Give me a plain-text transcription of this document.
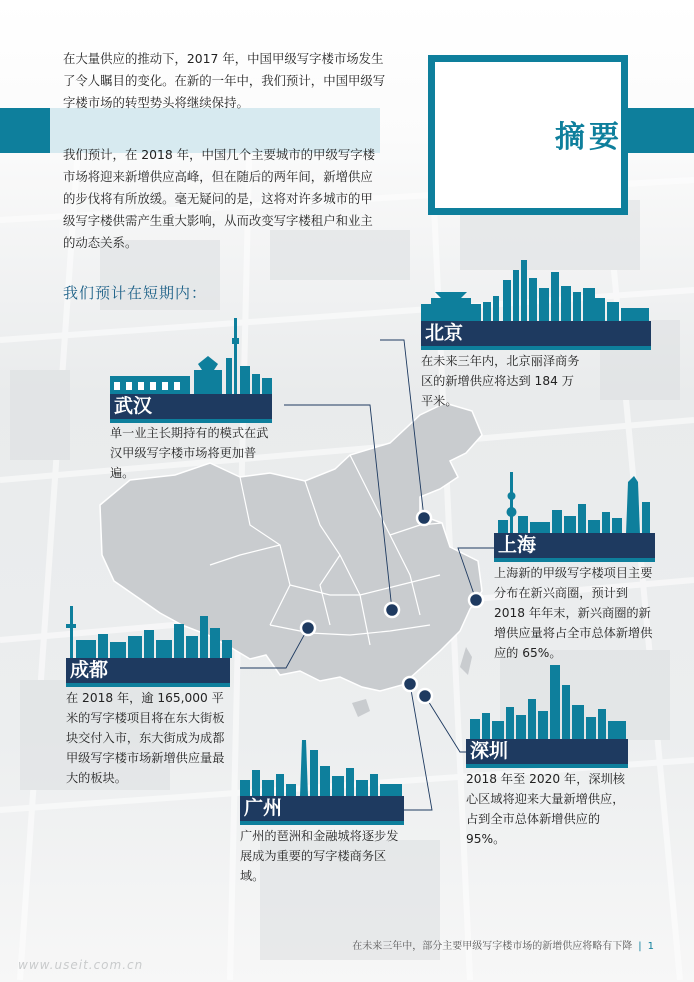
摘要
在大量供应的推动下，2017 年，中国甲级写字楼市场发生了令人瞩目的变化。在新的一年中，我们预计，中国甲级写字楼市场的转型势头将继续保持。
我们预计，在 2018 年，中国几个主要城市的甲级写字楼市场将迎来新增供应高峰，但在随后的两年间，新增供应的步伐将有所放缓。毫无疑问的是，这将对许多城市的甲级写字楼供需产生重大影响，从而改变写字楼租户和业主的动态关系。
我们预计在短期内：
北京
在未来三年内，北京丽泽商务区的新增供应将达到 184 万平米。
武汉
单一业主长期持有的模式在武汉甲级写字楼市场将更加普遍。
上海
上海新的甲级写字楼项目主要分布在新兴商圈，预计到 2018 年年末，新兴商圈的新增供应量将占全市总体新增供应的 65%。
成都
在 2018 年，逾 165,000 平米的写字楼项目将在东大街板块交付入市，东大街成为成都甲级写字楼市场新增供应量最大的板块。
深圳
2018 年至 2020 年，深圳核心区域将迎来大量新增供应，占到全市总体新增供应的 95%。
广州
广州的琶洲和金融城将逐步发展成为重要的写字楼商务区域。
在未来三年中，部分主要甲级写字楼市场的新增供应将略有下降 | 1
www.useit.com.cn
